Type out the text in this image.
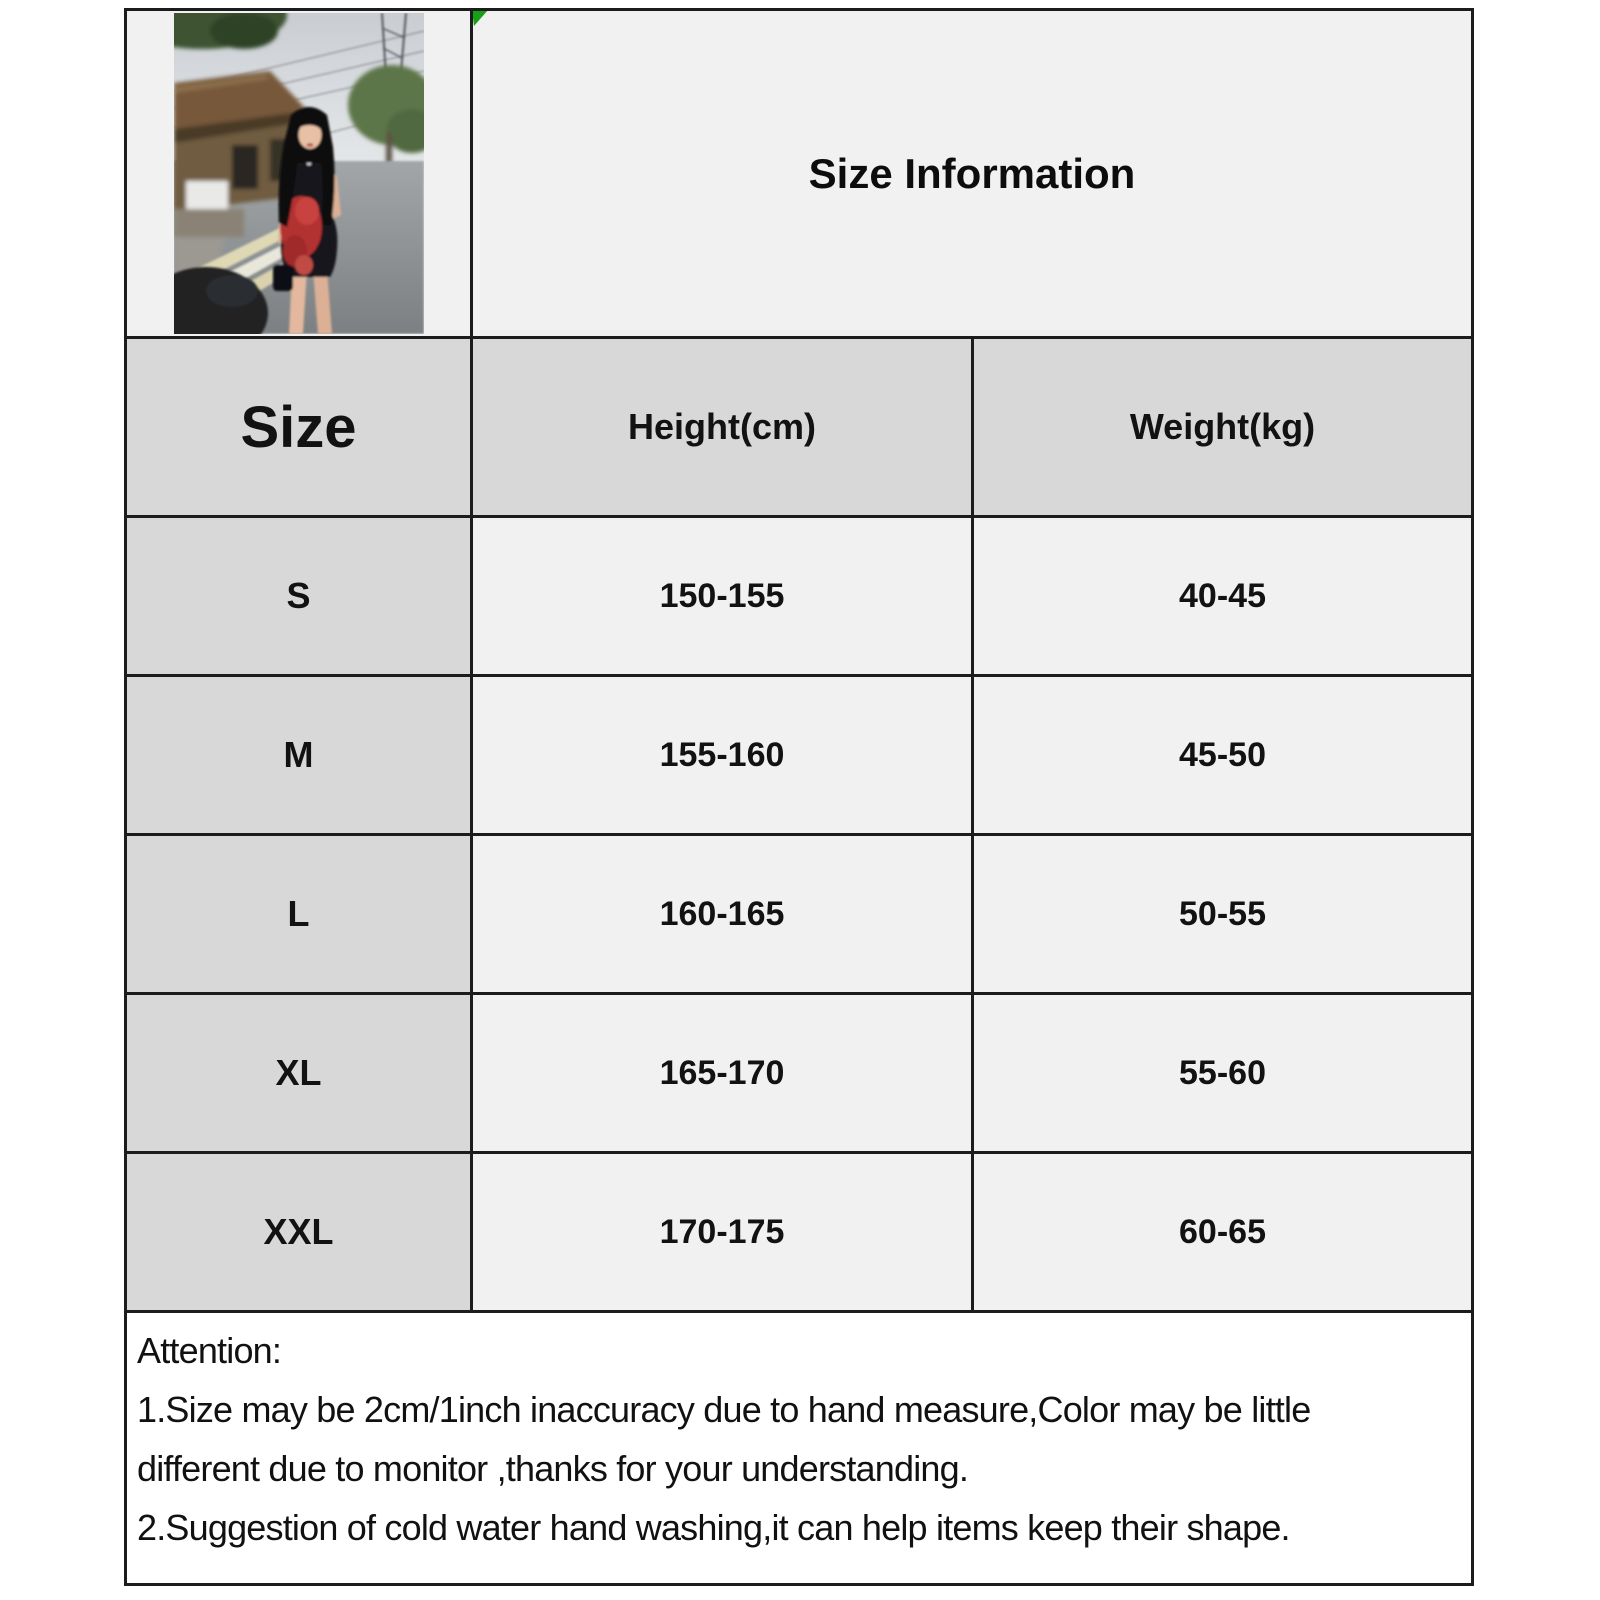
Size Information
Size	Height(cm)	Weight(kg)
S	150-155	40-45
M	155-160	45-50
L	160-165	50-55
XL	165-170	55-60
XXL	170-175	60-65
Attention:
1.Size may be 2cm/1inch inaccuracy due to hand measure,Color may be little
different due to monitor ,thanks for your understanding.
2.Suggestion of cold water hand washing,it can help items keep their shape.
